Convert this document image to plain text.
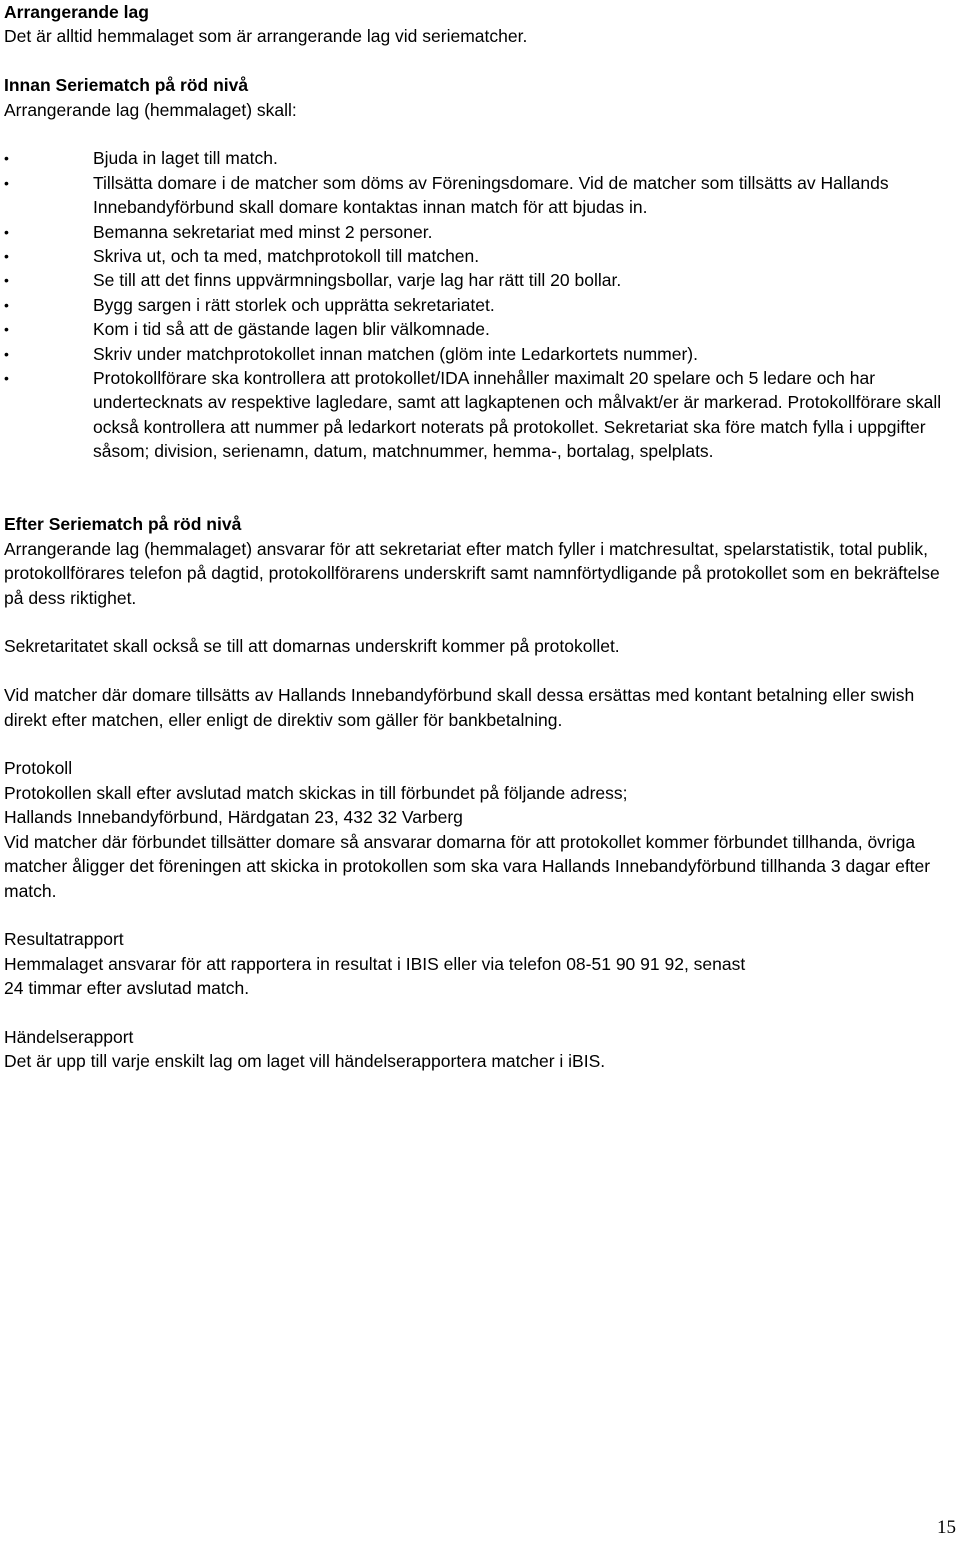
Arrangerande lag

Det är alltid hemmalaget som är arrangerande lag vid seriematcher.

Innan Seriematch på röd nivå

Arrangerande lag (hemmalaget) skall:

•	Bjuda in laget till match.
•	Tillsätta domare i de matcher som döms av Föreningsdomare. Vid de matcher som tillsätts av Hallands Innebandyförbund skall domare kontaktas innan match för att bjudas in.
•	Bemanna sekretariat med minst 2 personer.
•	Skriva ut, och ta med, matchprotokoll till matchen.
•	Se till att det finns uppvärmningsbollar, varje lag har rätt till 20 bollar.
•	Bygg sargen i rätt storlek och upprätta sekretariatet.
•	Kom i tid så att de gästande lagen blir välkomnade.
•	Skriv under matchprotokollet innan matchen (glöm inte Ledarkortets nummer).
•	Protokollförare ska kontrollera att protokollet/IDA innehåller maximalt 20 spelare och 5 ledare och har undertecknats av respektive lagledare, samt att lagkaptenen och målvakt/er är markerad. Protokollförare skall också kontrollera att nummer på ledarkort noterats på protokollet. Sekretariat ska före match fylla i uppgifter såsom; division, serienamn, datum, matchnummer, hemma-, bortalag, spelplats.

Efter Seriematch på röd nivå

Arrangerande lag (hemmalaget) ansvarar för att sekretariat efter match fyller i matchresultat, spelarstatistik, total publik, protokollförares telefon på dagtid, protokollförarens underskrift samt namnförtydligande på protokollet som en bekräftelse på dess riktighet.

Sekretaritatet skall också se till att domarnas underskrift kommer på protokollet.

Vid matcher där domare tillsätts av Hallands Innebandyförbund skall dessa ersättas med kontant betalning eller swish direkt efter matchen, eller enligt de direktiv som gäller för bankbetalning.

Protokoll

Protokollen skall efter avslutad match skickas in till förbundet på följande adress;

Hallands Innebandyförbund, Härdgatan 23, 432 32 Varberg

Vid matcher där förbundet tillsätter domare så ansvarar domarna för att protokollet kommer förbundet tillhanda, övriga matcher åligger det föreningen att skicka in protokollen som ska vara Hallands Innebandyförbund tillhanda 3 dagar efter match.

Resultatrapport

Hemmalaget ansvarar för att rapportera in resultat i IBIS eller via telefon 08-51 90 91 92, senast

24 timmar efter avslutad match.

Händelserapport

Det är upp till varje enskilt lag om laget vill händelserapportera matcher i iBIS.

15
